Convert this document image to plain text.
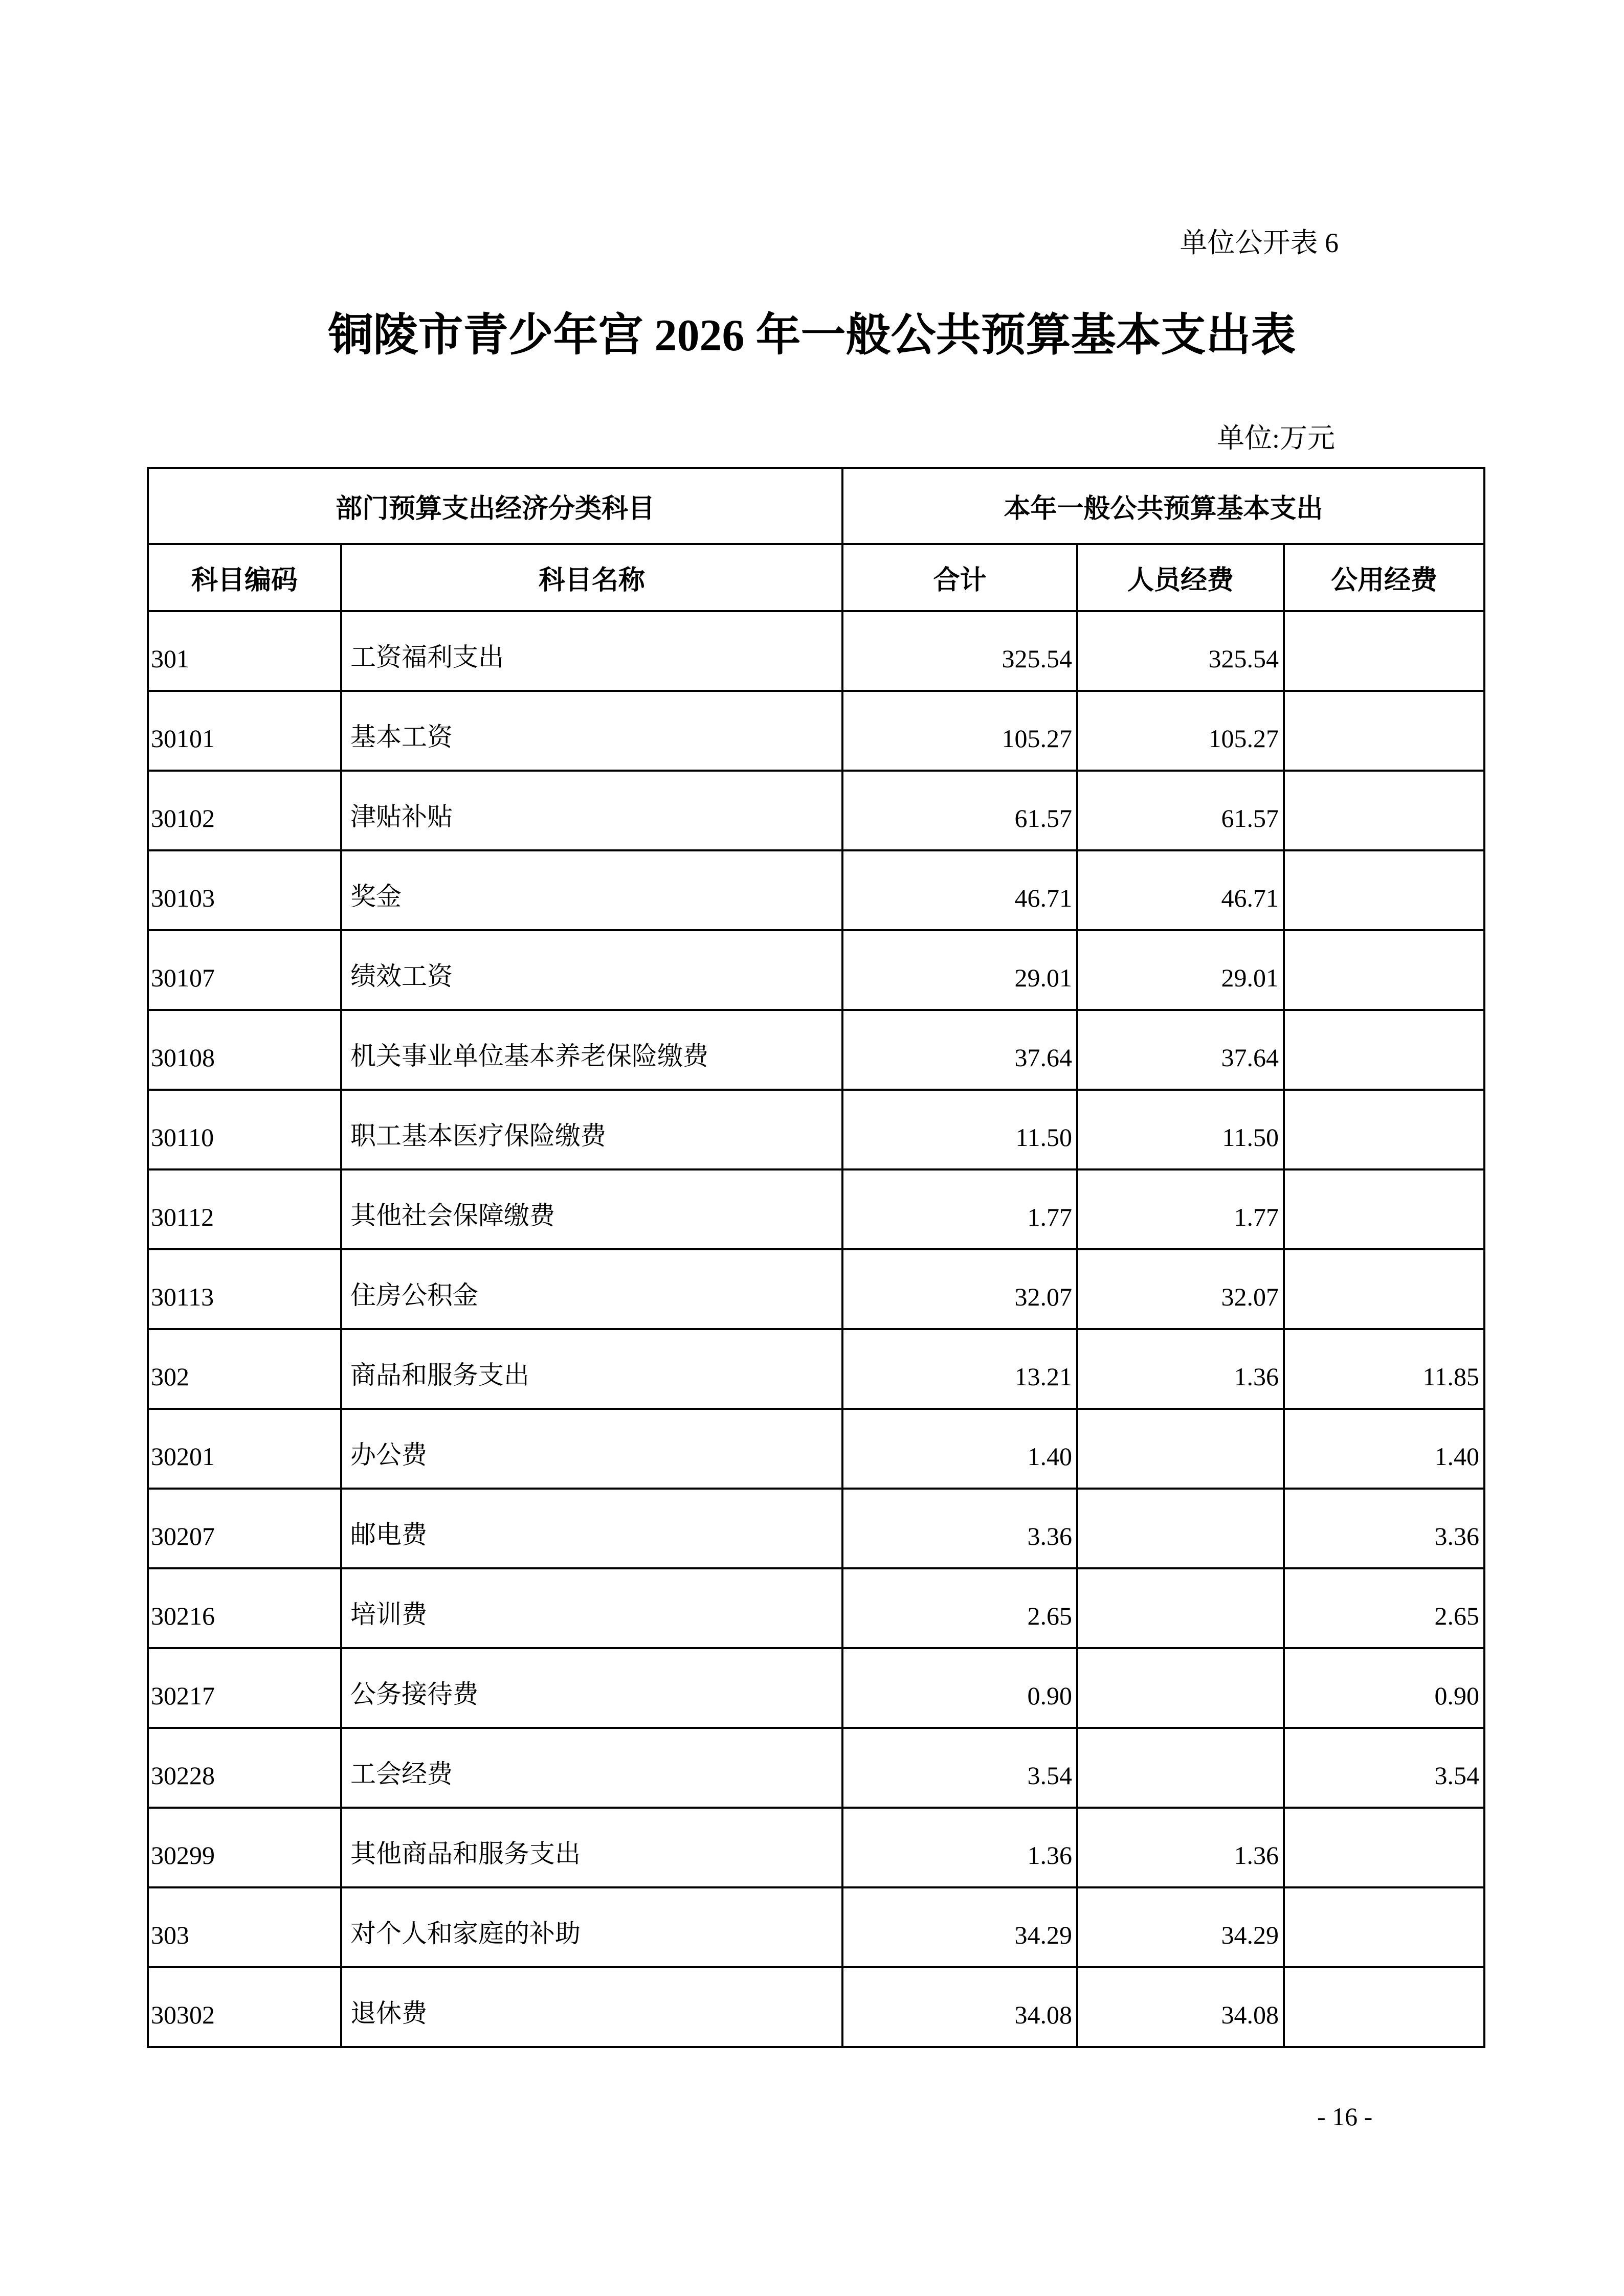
单位公开表 6
铜陵市青少年宫 2026 年一般公共预算基本支出表
单位:万元
部门预算支出经济分类科目		本年一般公共预算基本支出		
科目编码	科目名称	合计	人员经费	公用经费
301	工资福利支出	325.54	325.54	
30101	基本工资	105.27	105.27	
30102	津贴补贴	61.57	61.57	
30103	奖金	46.71	46.71	
30107	绩效工资	29.01	29.01	
30108	机关事业单位基本养老保险缴费	37.64	37.64	
30110	职工基本医疗保险缴费	11.50	11.50	
30112	其他社会保障缴费	1.77	1.77	
30113	住房公积金	32.07	32.07	
302	商品和服务支出	13.21	1.36	11.85
30201	办公费	1.40		1.40
30207	邮电费	3.36		3.36
30216	培训费	2.65		2.65
30217	公务接待费	0.90		0.90
30228	工会经费	3.54		3.54
30299	其他商品和服务支出	1.36	1.36	
303	对个人和家庭的补助	34.29	34.29	
30302	退休费	34.08	34.08	
- 16 -
